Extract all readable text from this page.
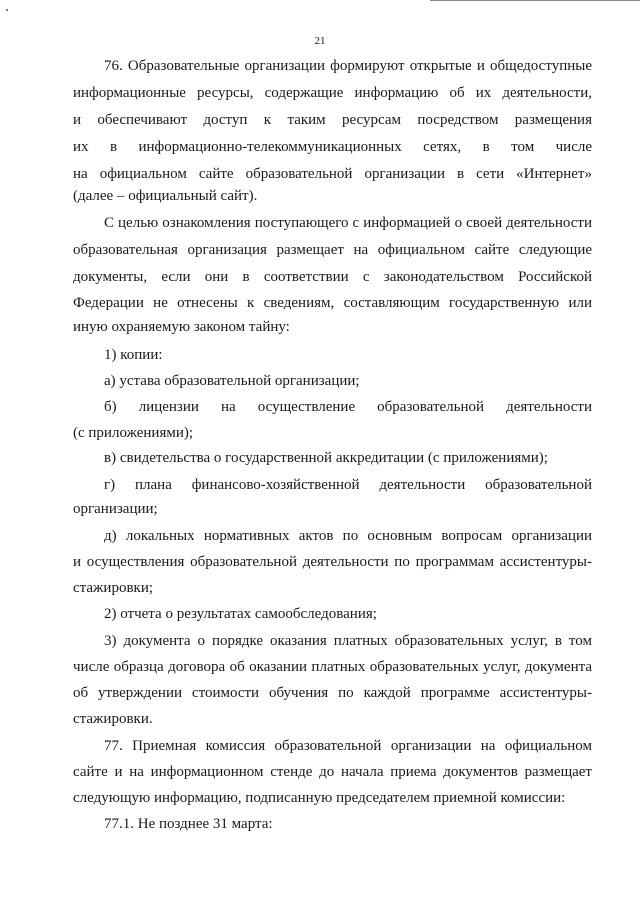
21
76. Образовательные организации формируют открытые и общедоступные
информационные ресурсы, содержащие информацию об их деятельности,
и обеспечивают доступ к таким ресурсам посредством размещения
их в информационно-телекоммуникационных сетях, в том числе
на официальном сайте образовательной организации в сети «Интернет»
(далее – официальный сайт).
С целью ознакомления поступающего с информацией о своей деятельности
образовательная организация размещает на официальном сайте следующие
документы, если они в соответствии с законодательством Российской
Федерации не отнесены к сведениям, составляющим государственную или
иную охраняемую законом тайну:
1) копии:
а) устава образовательной организации;
б) лицензии на осуществление образовательной деятельности
(с приложениями);
в) свидетельства о государственной аккредитации (с приложениями);
г) плана финансово-хозяйственной деятельности образовательной
организации;
д) локальных нормативных актов по основным вопросам организации
и осуществления образовательной деятельности по программам ассистентуры-
стажировки;
2) отчета о результатах самообследования;
3) документа о порядке оказания платных образовательных услуг, в том
числе образца договора об оказании платных образовательных услуг, документа
об утверждении стоимости обучения по каждой программе ассистентуры-
стажировки.
77. Приемная комиссия образовательной организации на официальном
сайте и на информационном стенде до начала приема документов размещает
следующую информацию, подписанную председателем приемной комиссии:
77.1. Не позднее 31 марта:
